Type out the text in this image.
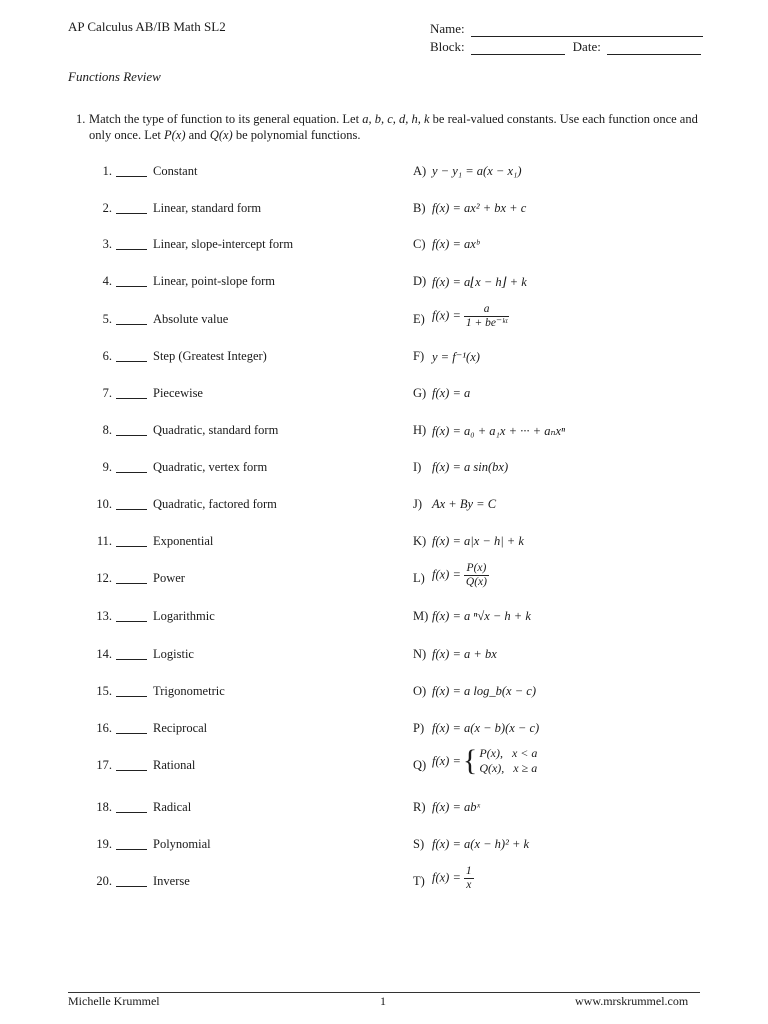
AP Calculus AB/IB Math SL2	Name:
Block:	Date:
Functions Review
1. Match the type of function to its general equation. Let a, b, c, d, h, k be real-valued constants. Use each function once and only once. Let P(x) and Q(x) be polynomial functions.
1.	Constant	A) y − y₁ = a(x − x₁)
2.	Linear, standard form	B) f(x) = ax² + bx + c
3.	Linear, slope-intercept form	C) f(x) = axᵇ
4.	Linear, point-slope form	D) f(x) = a⌊x − h⌋ + k
5.	Absolute value	E) $f(x) = \frac{a}{\text{1 + be⁻ᵏᵗ}}$
6.	Step (Greatest Integer)	F) y = f⁻¹(x)
7.	Piecewise	G) f(x) = a
8.	Quadratic, standard form	H) f(x) = a₀ + a₁x + ··· + aₙxⁿ
9.	Quadratic, vertex form	I) f(x) = a sin(bx)
10.	Quadratic, factored form	J) Ax + By = C
11.	Exponential	K) f(x) = a|x − h| + k
12.	Power	L) $f(x) = \frac{P(x)}{Q(x)}$
13.	Logarithmic	M) f(x) = a ⁿ√x − h + k
14.	Logistic	N) f(x) = a + bx
15.	Trigonometric	O) f(x) = a log_b(x − c)
16.	Reciprocal	P) f(x) = a(x − b)(x − c)
17.	Rational	Q) f(x) = { P(x),   x < a
Q(x),   x ≥ a
18.	Radical	R) f(x) = abˣ
19.	Polynomial	S) f(x) = a(x − h)² + k
20.	Inverse	T) $f(x) = \frac{1}{x}$
Michelle Krummel	1	www.mrskrummel.com
